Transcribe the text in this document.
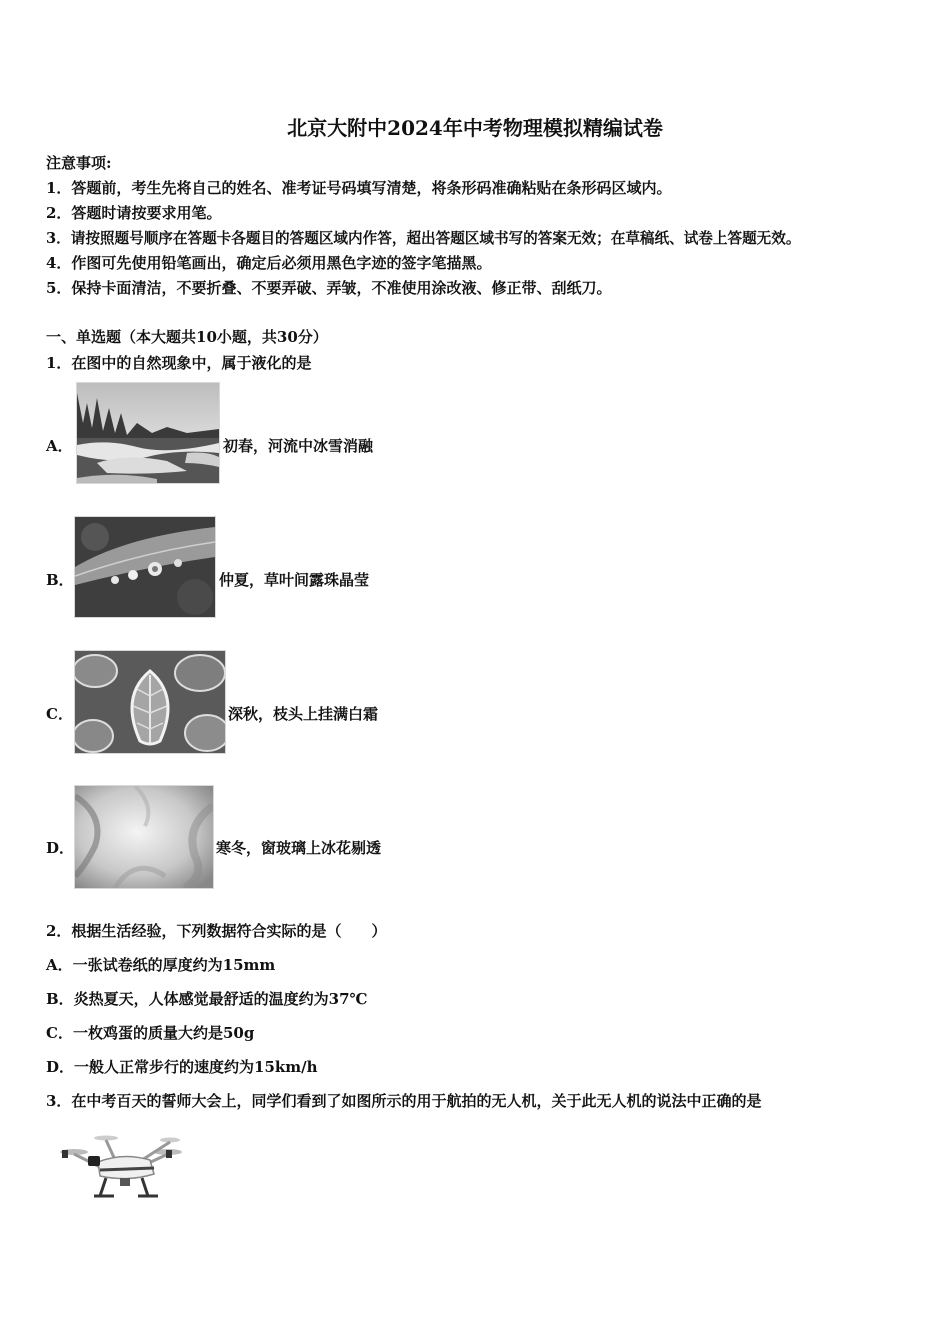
北京大附中2024年中考物理模拟精编试卷
注意事项:
1．答题前，考生先将自己的姓名、准考证号码填写清楚，将条形码准确粘贴在条形码区域内。
2．答题时请按要求用笔。
3．请按照题号顺序在答题卡各题目的答题区域内作答，超出答题区域书写的答案无效；在草稿纸、试卷上答题无效。
4．作图可先使用铅笔画出，确定后必须用黑色字迹的签字笔描黑。
5．保持卡面清洁，不要折叠、不要弄破、弄皱，不准使用涂改液、修正带、刮纸刀。
一、单选题（本大题共10小题，共30分）
1．在图中的自然现象中，属于液化的是
A．	初春，河流中冰雪消融
B．	仲夏，草叶间露珠晶莹
C．	深秋，枝头上挂满白霜
D．	寒冬，窗玻璃上冰花剔透
2．根据生活经验，下列数据符合实际的是（　　）
A．一张试卷纸的厚度约为15mm
B．炎热夏天，人体感觉最舒适的温度约为37℃
C．一枚鸡蛋的质量大约是50g
D．一般人正常步行的速度约为15km/h
3．在中考百天的誓师大会上，同学们看到了如图所示的用于航拍的无人机，关于此无人机的说法中正确的是
